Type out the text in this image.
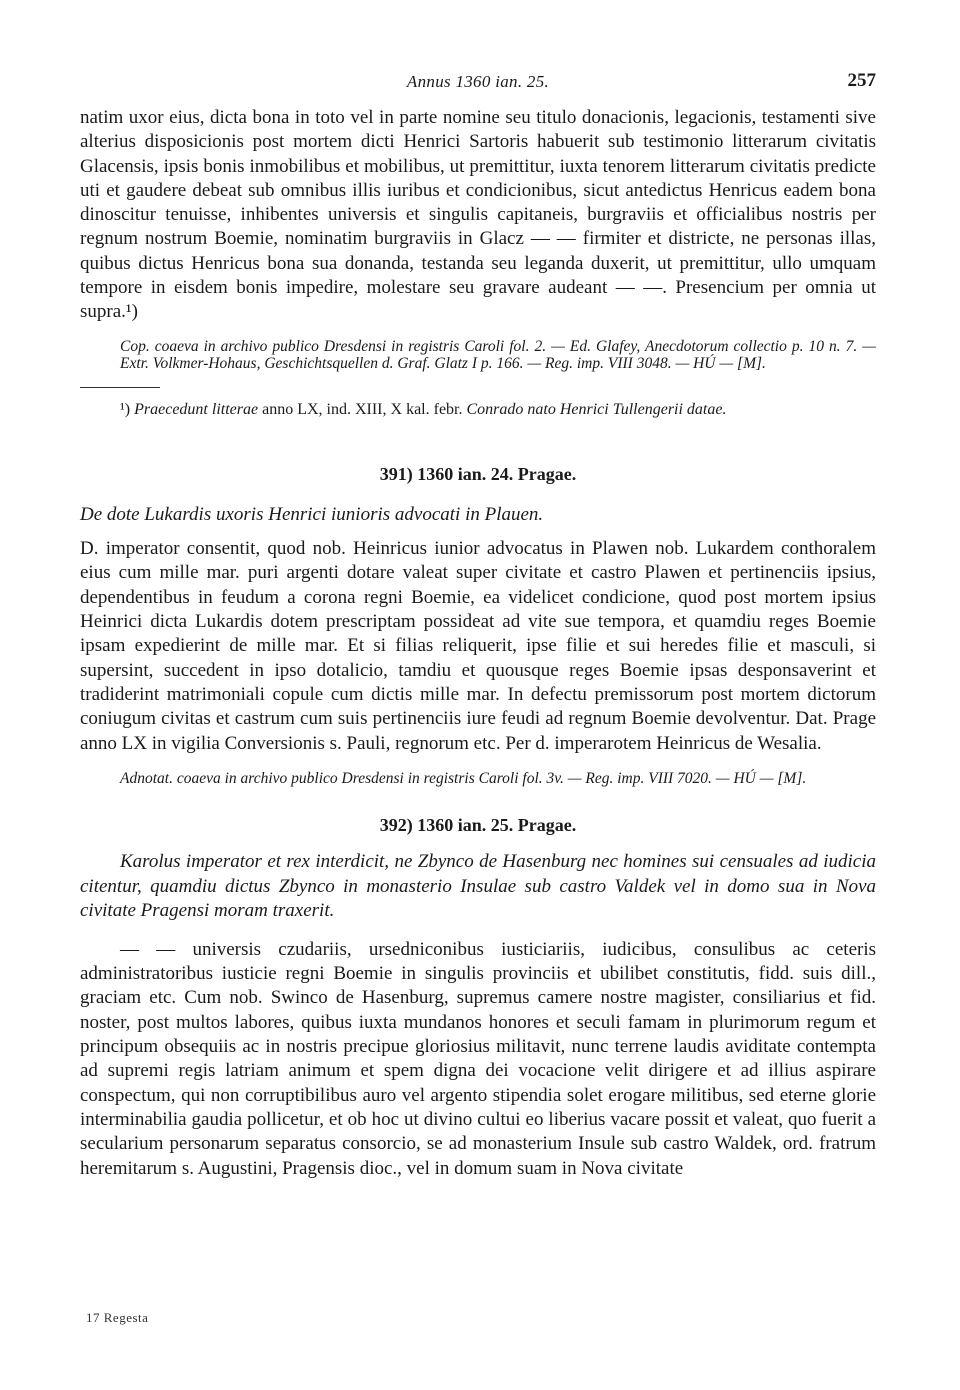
Annus 1360 ian. 25.	257

natim uxor eius, dicta bona in toto vel in parte nomine seu titulo donacionis, legacionis, testamenti sive alterius disposicionis post mortem dicti Henrici Sartoris habuerit sub testimonio litterarum civitatis Glacensis, ipsis bonis inmobilibus et mobilibus, ut premittitur, iuxta tenorem litterarum civitatis predicte uti et gaudere debeat sub omnibus illis iuribus et condicionibus, sicut antedictus Henricus eadem bona dinoscitur tenuisse, inhibentes universis et singulis capitaneis, burgraviis et officialibus nostris per regnum nostrum Boemie, nominatim burgraviis in Glacz — — firmiter et districte, ne personas illas, quibus dictus Henricus bona sua donanda, testanda seu leganda duxerit, ut premittitur, ullo umquam tempore in eisdem bonis impedire, molestare seu gravare audeant — —. Presencium per omnia ut supra.¹)

Cop. coaeva in archivo publico Dresdensi in registris Caroli fol. 2. — Ed. Glafey, Anecdotorum collectio p. 10 n. 7. — Extr. Volkmer-Hohaus, Geschichtsquellen d. Graf. Glatz I p. 166. — Reg. imp. VIII 3048. — HÚ — [M].

¹) Praecedunt litterae anno LX, ind. XIII, X kal. febr. Conrado nato Henrici Tullengerii datae.

391) 1360 ian. 24. Pragae.

De dote Lukardis uxoris Henrici iunioris advocati in Plauen.

D. imperator consentit, quod nob. Heinricus iunior advocatus in Plawen nob. Lukardem conthoralem eius cum mille mar. puri argenti dotare valeat super civitate et castro Plawen et pertinenciis ipsius, dependentibus in feudum a corona regni Boemie, ea videlicet condicione, quod post mortem ipsius Heinrici dicta Lukardis dotem prescriptam possideat ad vite sue tempora, et quamdiu reges Boemie ipsam expedierint de mille mar. Et si filias reliquerit, ipse filie et sui heredes filie et masculi, si supersint, succedent in ipso dotalicio, tamdiu et quousque reges Boemie ipsas desponsaverint et tradiderint matrimoniali copule cum dictis mille mar. In defectu premissorum post mortem dictorum coniugum civitas et castrum cum suis pertinenciis iure feudi ad regnum Boemie devolventur. Dat. Prage anno LX in vigilia Conversionis s. Pauli, regnorum etc. Per d. imperarotem Heinricus de Wesalia.

Adnotat. coaeva in archivo publico Dresdensi in registris Caroli fol. 3v. — Reg. imp. VIII 7020. — HÚ — [M].

392) 1360 ian. 25. Pragae.

Karolus imperator et rex interdicit, ne Zbynco de Hasenburg nec homines sui censuales ad iudicia citentur, quamdiu dictus Zbynco in monasterio Insulae sub castro Valdek vel in domo sua in Nova civitate Pragensi moram traxerit.

— — universis czudariis, ursedniconibus iusticiariis, iudicibus, consulibus ac ceteris administratoribus iusticie regni Boemie in singulis provinciis et ubilibet constitutis, fidd. suis dill., graciam etc. Cum nob. Swinco de Hasenburg, supremus camere nostre magister, consiliarius et fid. noster, post multos labores, quibus iuxta mundanos honores et seculi famam in plurimorum regum et principum obsequiis ac in nostris precipue gloriosius militavit, nunc terrene laudis aviditate contempta ad supremi regis latriam animum et spem digna dei vocacione velit dirigere et ad illius aspirare conspectum, qui non corruptibilibus auro vel argento stipendia solet erogare militibus, sed eterne glorie interminabilia gaudia pollicetur, et ob hoc ut divino cultui eo liberius vacare possit et valeat, quo fuerit a secularium personarum separatus consorcio, se ad monasterium Insule sub castro Waldek, ord. fratrum heremitarum s. Augustini, Pragensis dioc., vel in domum suam in Nova civitate

17 Regesta
